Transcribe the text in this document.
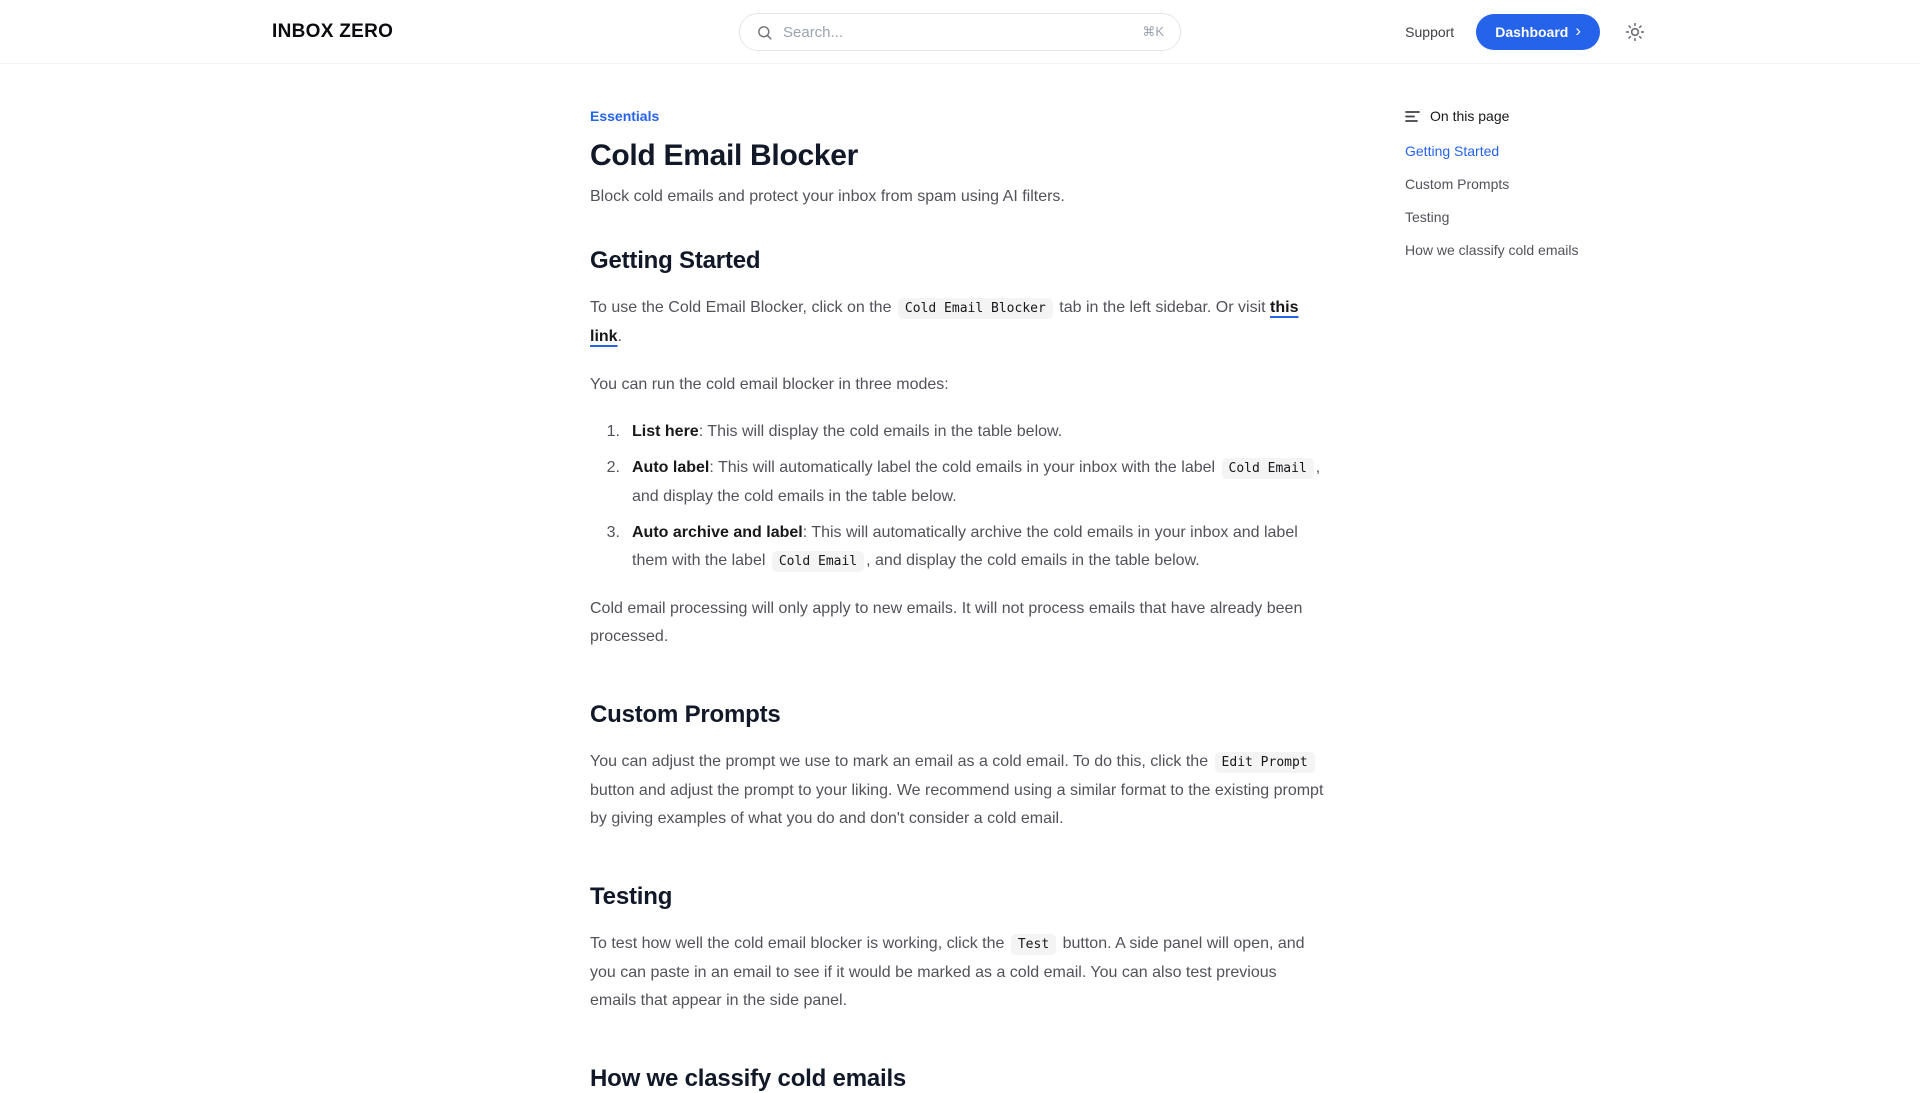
INBOX ZERO
Search...	⌘K	Support	Dashboard ›
Essentials
Cold Email Blocker

Block cold emails and protect your inbox from spam using AI filters.

Getting Started

To use the Cold Email Blocker, click on the Cold Email Blocker tab in the left sidebar. Or visit this link.

You can run the cold email blocker in three modes:

1. List here: This will display the cold emails in the table below.
2. Auto label: This will automatically label the cold emails in your inbox with the label Cold Email , and display the cold emails in the table below.
3. Auto archive and label: This will automatically archive the cold emails in your inbox and label them with the label Cold Email , and display the cold emails in the table below.

Cold email processing will only apply to new emails. It will not process emails that have already been processed.

Custom Prompts

You can adjust the prompt we use to mark an email as a cold email. To do this, click the Edit Prompt button and adjust the prompt to your liking. We recommend using a similar format to the existing prompt by giving examples of what you do and don't consider a cold email.

Testing

To test how well the cold email blocker is working, click the Test button. A side panel will open, and you can paste in an email to see if it would be marked as a cold email. You can also test previous emails that appear in the side panel.

How we classify cold emails
On this page
Getting Started
Custom Prompts
Testing
How we classify cold emails
